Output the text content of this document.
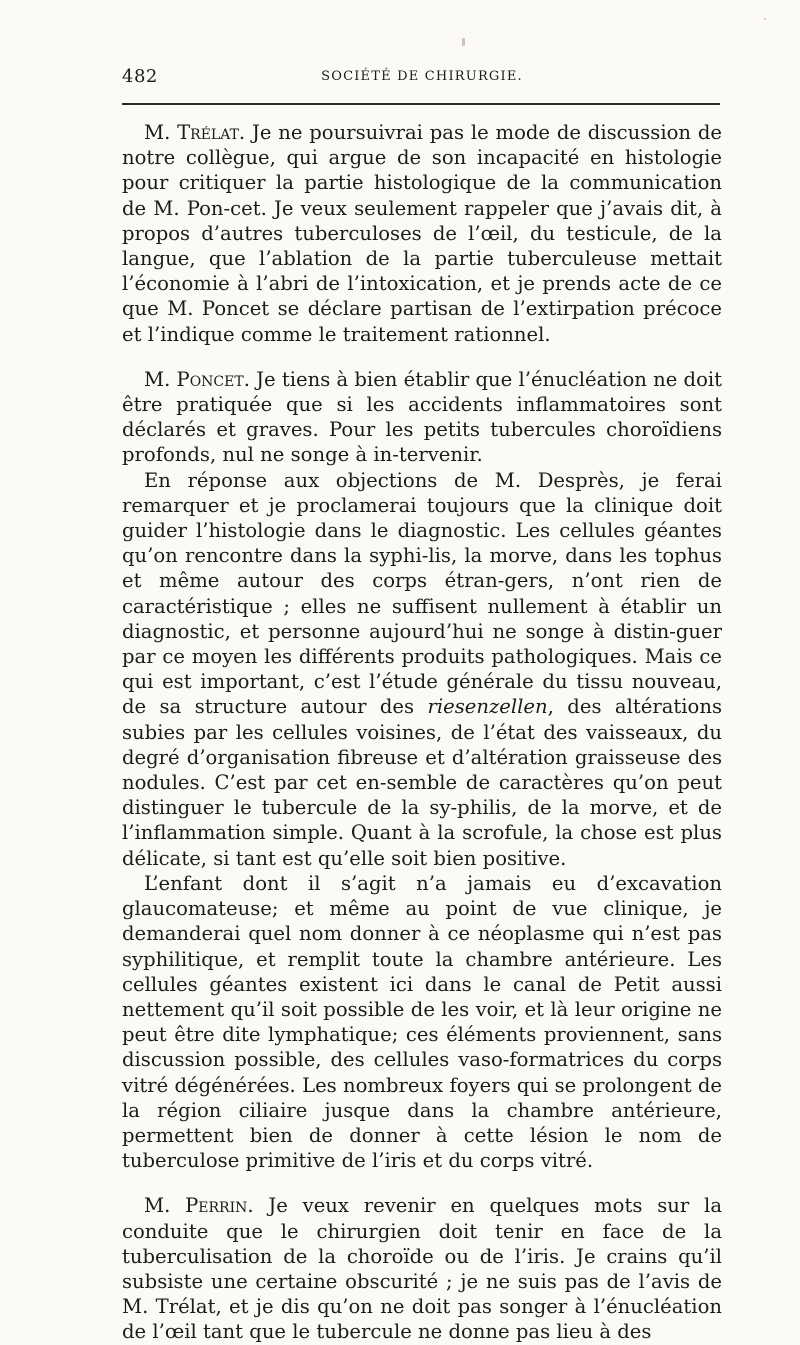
482	SOCIÉTÉ DE CHIRURGIE.

M. Trélat. Je ne poursuivrai pas le mode de discussion de notre collègue, qui argue de son incapacité en histologie pour critiquer la partie histologique de la communication de M. Pon-cet. Je veux seulement rappeler que j’avais dit, à propos d’autres tuberculoses de l’œil, du testicule, de la langue, que l’ablation de la partie tuberculeuse mettait l’économie à l’abri de l’intoxication, et je prends acte de ce que M. Poncet se déclare partisan de l’extirpation précoce et l’indique comme le traitement rationnel.

M. Poncet. Je tiens à bien établir que l’énucléation ne doit être pratiquée que si les accidents inflammatoires sont déclarés et graves. Pour les petits tubercules choroïdiens profonds, nul ne songe à in-tervenir.

En réponse aux objections de M. Desprès, je ferai remarquer et je proclamerai toujours que la clinique doit guider l’histologie dans le diagnostic. Les cellules géantes qu’on rencontre dans la syphi-lis, la morve, dans les tophus et même autour des corps étran-gers, n’ont rien de caractéristique ; elles ne suffisent nullement à établir un diagnostic, et personne aujourd’hui ne songe à distin-guer par ce moyen les différents produits pathologiques. Mais ce qui est important, c’est l’étude générale du tissu nouveau, de sa structure autour des riesenzellen, des altérations subies par les cellules voisines, de l’état des vaisseaux, du degré d’organisation fibreuse et d’altération graisseuse des nodules. C’est par cet en-semble de caractères qu’on peut distinguer le tubercule de la sy-philis, de la morve, et de l’inflammation simple. Quant à la scrofule, la chose est plus délicate, si tant est qu’elle soit bien positive.

L’enfant dont il s’agit n’a jamais eu d’excavation glaucomateuse; et même au point de vue clinique, je demanderai quel nom donner à ce néoplasme qui n’est pas syphilitique, et remplit toute la chambre antérieure. Les cellules géantes existent ici dans le canal de Petit aussi nettement qu’il soit possible de les voir, et là leur origine ne peut être dite lymphatique; ces éléments proviennent, sans discussion possible, des cellules vaso-formatrices du corps vitré dégénérées. Les nombreux foyers qui se prolongent de la région ciliaire jusque dans la chambre antérieure, permettent bien de donner à cette lésion le nom de tuberculose primitive de l’iris et du corps vitré.

M. Perrin. Je veux revenir en quelques mots sur la conduite que le chirurgien doit tenir en face de la tuberculisation de la choroïde ou de l’iris. Je crains qu’il subsiste une certaine obscurité ; je ne suis pas de l’avis de M. Trélat, et je dis qu’on ne doit pas songer à l’énucléation de l’œil tant que le tubercule ne donne pas lieu à des
